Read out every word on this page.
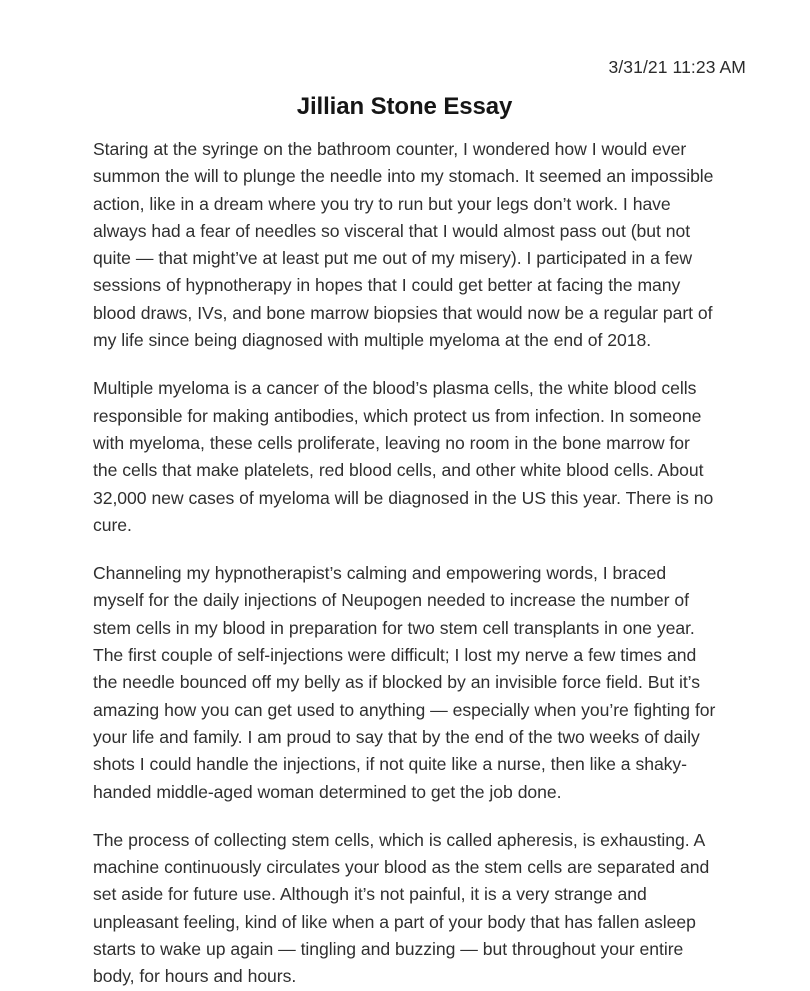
3/31/21 11:23 AM
Jillian Stone Essay

Staring at the syringe on the bathroom counter, I wondered how I would ever summon the will to plunge the needle into my stomach. It seemed an impossible action, like in a dream where you try to run but your legs don’t work. I have always had a fear of needles so visceral that I would almost pass out (but not quite — that might’ve at least put me out of my misery). I participated in a few sessions of hypnotherapy in hopes that I could get better at facing the many blood draws, IVs, and bone marrow biopsies that would now be a regular part of my life since being diagnosed with multiple myeloma at the end of 2018.

Multiple myeloma is a cancer of the blood’s plasma cells, the white blood cells responsible for making antibodies, which protect us from infection. In someone with myeloma, these cells proliferate, leaving no room in the bone marrow for the cells that make platelets, red blood cells, and other white blood cells. About 32,000 new cases of myeloma will be diagnosed in the US this year. There is no cure.

Channeling my hypnotherapist’s calming and empowering words, I braced myself for the daily injections of Neupogen needed to increase the number of stem cells in my blood in preparation for two stem cell transplants in one year. The first couple of self-injections were difficult; I lost my nerve a few times and the needle bounced off my belly as if blocked by an invisible force field. But it’s amazing how you can get used to anything — especially when you’re fighting for your life and family. I am proud to say that by the end of the two weeks of daily shots I could handle the injections, if not quite like a nurse, then like a shaky-handed middle-aged woman determined to get the job done.

The process of collecting stem cells, which is called apheresis, is exhausting. A machine continuously circulates your blood as the stem cells are separated and set aside for future use. Although it’s not painful, it is a very strange and unpleasant feeling, kind of like when a part of your body that has fallen asleep starts to wake up again — tingling and buzzing — but throughout your entire body, for hours and hours.
